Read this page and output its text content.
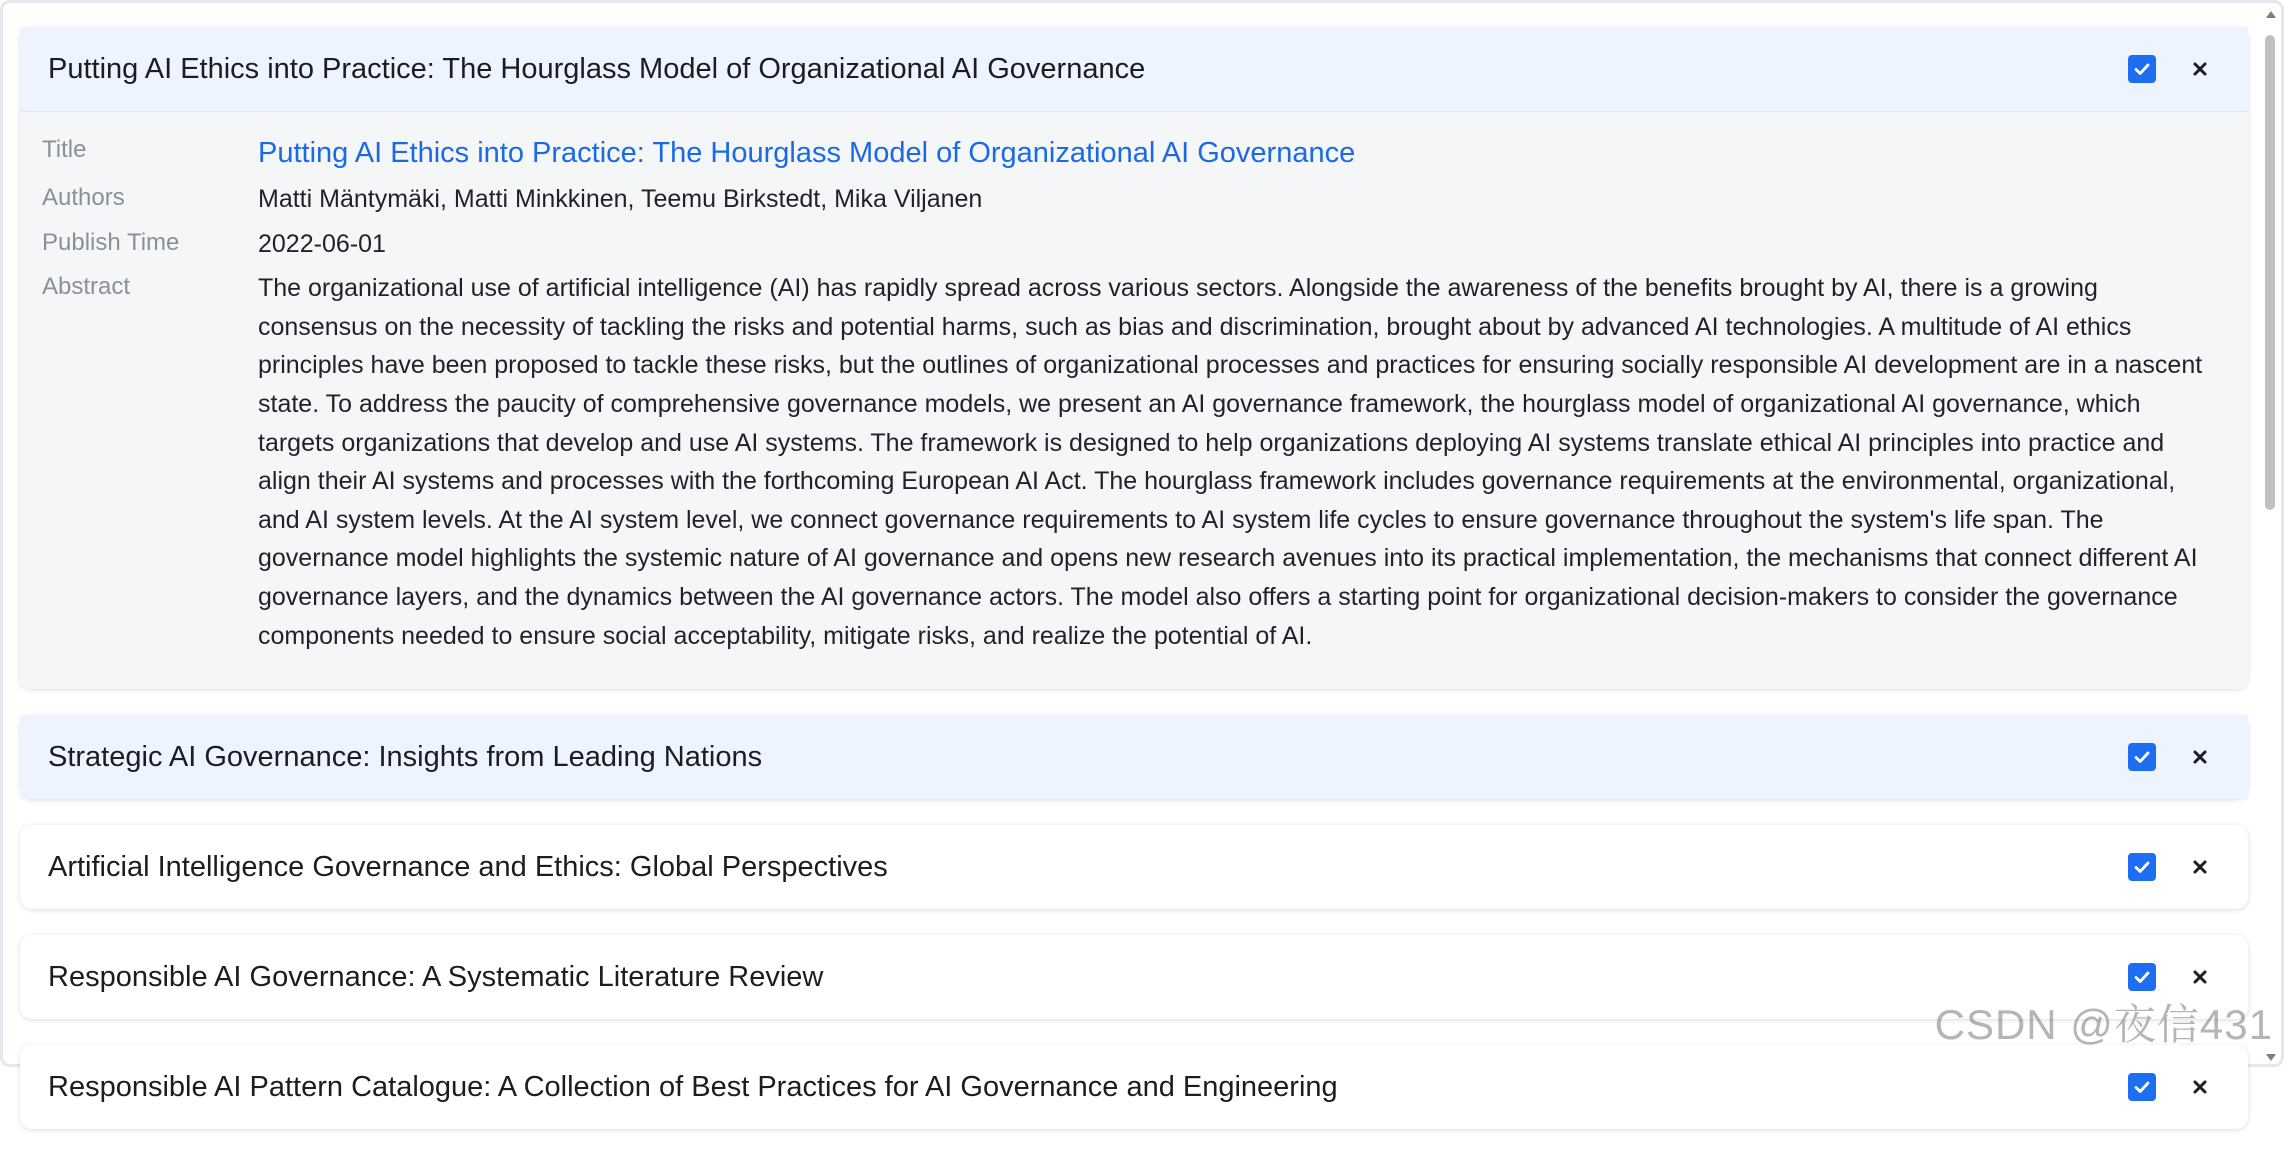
Putting AI Ethics into Practice: The Hourglass Model of Organizational AI Governance
Title	Putting AI Ethics into Practice: The Hourglass Model of Organizational AI Governance
Authors	Matti Mäntymäki, Matti Minkkinen, Teemu Birkstedt, Mika Viljanen
Publish Time	2022-06-01
Abstract	The organizational use of artificial intelligence (AI) has rapidly spread across various sectors. Alongside the awareness of the benefits brought by AI, there is a growing consensus on the necessity of tackling the risks and potential harms, such as bias and discrimination, brought about by advanced AI technologies. A multitude of AI ethics principles have been proposed to tackle these risks, but the outlines of organizational processes and practices for ensuring socially responsible AI development are in a nascent state. To address the paucity of comprehensive governance models, we present an AI governance framework, the hourglass model of organizational AI governance, which targets organizations that develop and use AI systems. The framework is designed to help organizations deploying AI systems translate ethical AI principles into practice and align their AI systems and processes with the forthcoming European AI Act. The hourglass framework includes governance requirements at the environmental, organizational, and AI system levels. At the AI system level, we connect governance requirements to AI system life cycles to ensure governance throughout the system's life span. The governance model highlights the systemic nature of AI governance and opens new research avenues into its practical implementation, the mechanisms that connect different AI governance layers, and the dynamics between the AI governance actors. The model also offers a starting point for organizational decision-makers to consider the governance components needed to ensure social acceptability, mitigate risks, and realize the potential of AI.
Strategic AI Governance: Insights from Leading Nations
Artificial Intelligence Governance and Ethics: Global Perspectives
Responsible AI Governance: A Systematic Literature Review
Responsible AI Pattern Catalogue: A Collection of Best Practices for AI Governance and Engineering
CSDN @夜信431
